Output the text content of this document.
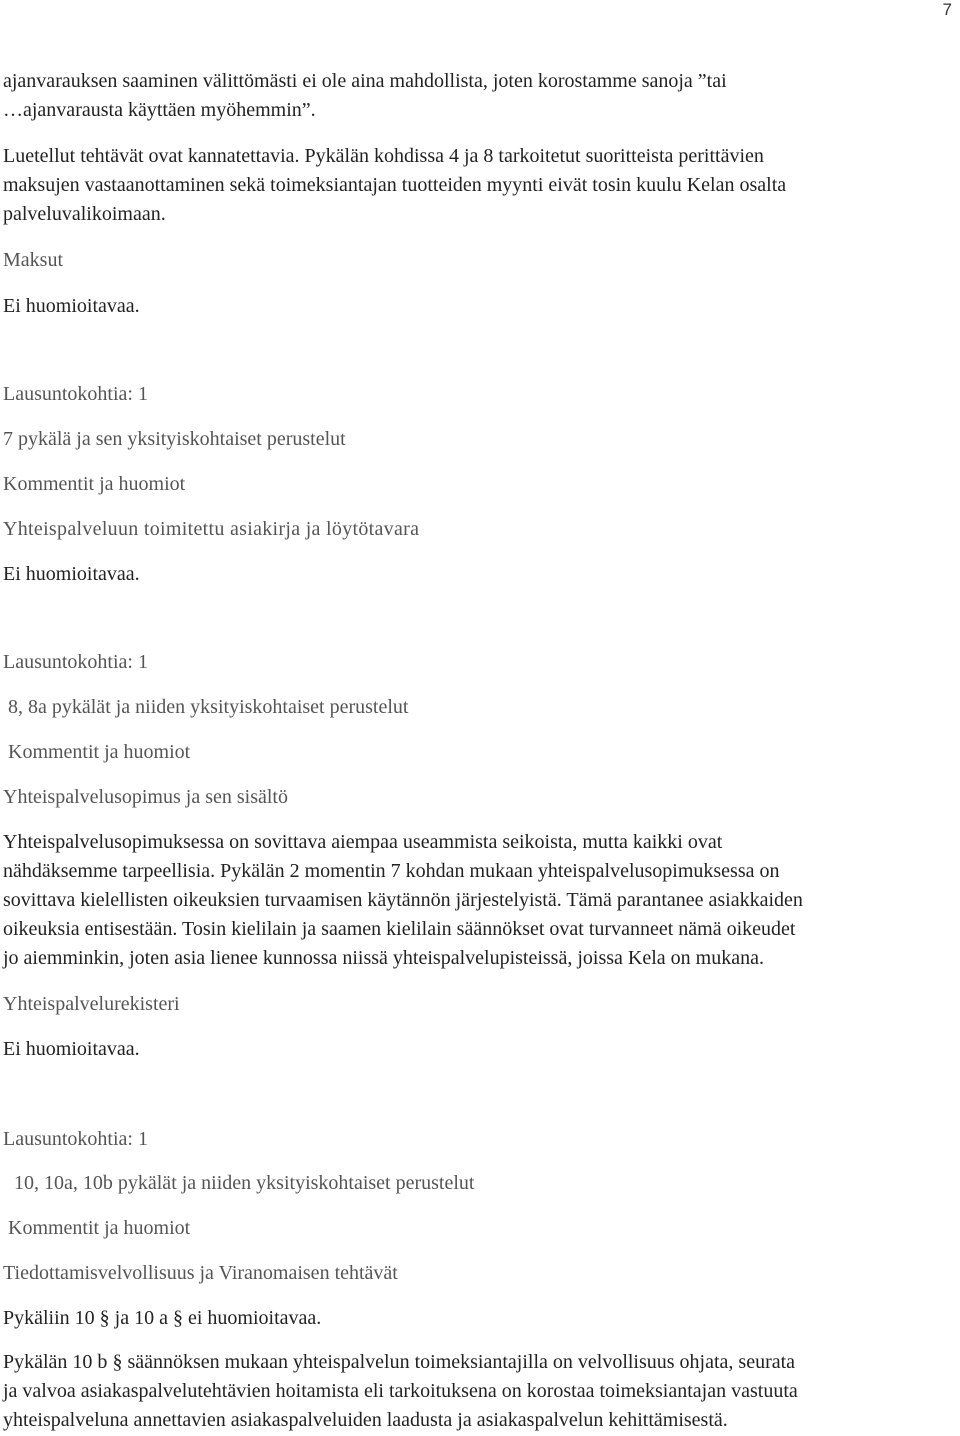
7
ajanvarauksen saaminen välittömästi ei ole aina mahdollista, joten korostamme sanoja ”tai
…ajanvarausta käyttäen myöhemmin”.
Luetellut tehtävät ovat kannatettavia. Pykälän kohdissa 4 ja 8 tarkoitetut suoritteista perittävien
maksujen vastaanottaminen sekä toimeksiantajan tuotteiden myynti eivät tosin kuulu Kelan osalta
palveluvalikoimaan.
Maksut
Ei huomioitavaa.
Lausuntokohtia: 1
7 pykälä ja sen yksityiskohtaiset perustelut
Kommentit ja huomiot
Yhteispalveluun toimitettu asiakirja ja löytötavara
Ei huomioitavaa.
Lausuntokohtia: 1
8, 8a pykälät ja niiden yksityiskohtaiset perustelut
Kommentit ja huomiot
Yhteispalvelusopimus ja sen sisältö
Yhteispalvelusopimuksessa on sovittava aiempaa useammista seikoista, mutta kaikki ovat
nähdäksemme tarpeellisia. Pykälän 2 momentin 7 kohdan mukaan yhteispalvelusopimuksessa on
sovittava kielellisten oikeuksien turvaamisen käytännön järjestelyistä. Tämä parantanee asiakkaiden
oikeuksia entisestään. Tosin kielilain ja saamen kielilain säännökset ovat turvanneet nämä oikeudet
jo aiemminkin, joten asia lienee kunnossa niissä yhteispalvelupisteissä, joissa Kela on mukana.
Yhteispalvelurekisteri
Ei huomioitavaa.
Lausuntokohtia: 1
10, 10a, 10b pykälät ja niiden yksityiskohtaiset perustelut
Kommentit ja huomiot
Tiedottamisvelvollisuus ja Viranomaisen tehtävät
Pykäliin 10 § ja 10 a § ei huomioitavaa.
Pykälän 10 b § säännöksen mukaan yhteispalvelun toimeksiantajilla on velvollisuus ohjata, seurata
ja valvoa asiakaspalvelutehtävien hoitamista eli tarkoituksena on korostaa toimeksiantajan vastuuta
yhteispalveluna annettavien asiakaspalveluiden laadusta ja asiakaspalvelun kehittämisestä.
